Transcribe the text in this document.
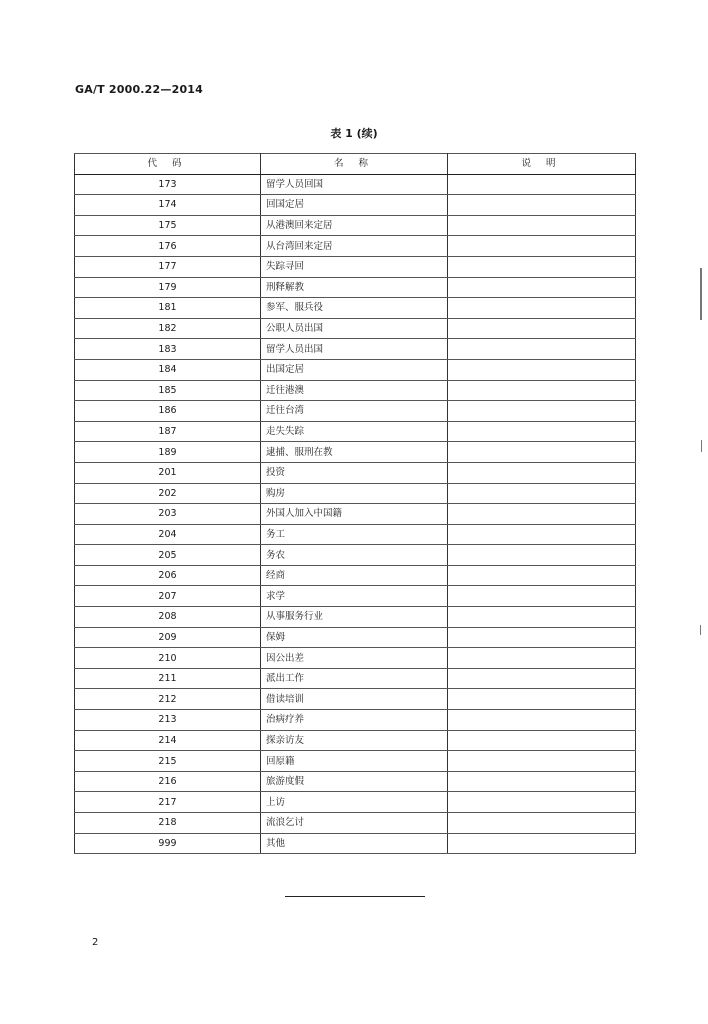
GA/T 2000.22—2014
表 1 (续)
代 码	名 称	说 明
173	留学人员回国	
174	回国定居	
175	从港澳回来定居	
176	从台湾回来定居	
177	失踪寻回	
179	刑释解教	
181	参军、服兵役	
182	公职人员出国	
183	留学人员出国	
184	出国定居	
185	迁往港澳	
186	迁往台湾	
187	走失失踪	
189	逮捕、服刑在教	
201	投资	
202	购房	
203	外国人加入中国籍	
204	务工	
205	务农	
206	经商	
207	求学	
208	从事服务行业	
209	保姆	
210	因公出差	
211	派出工作	
212	借读培训	
213	治病疗养	
214	探亲访友	
215	回原籍	
216	旅游度假	
217	上访	
218	流浪乞讨	
999	其他	
2
